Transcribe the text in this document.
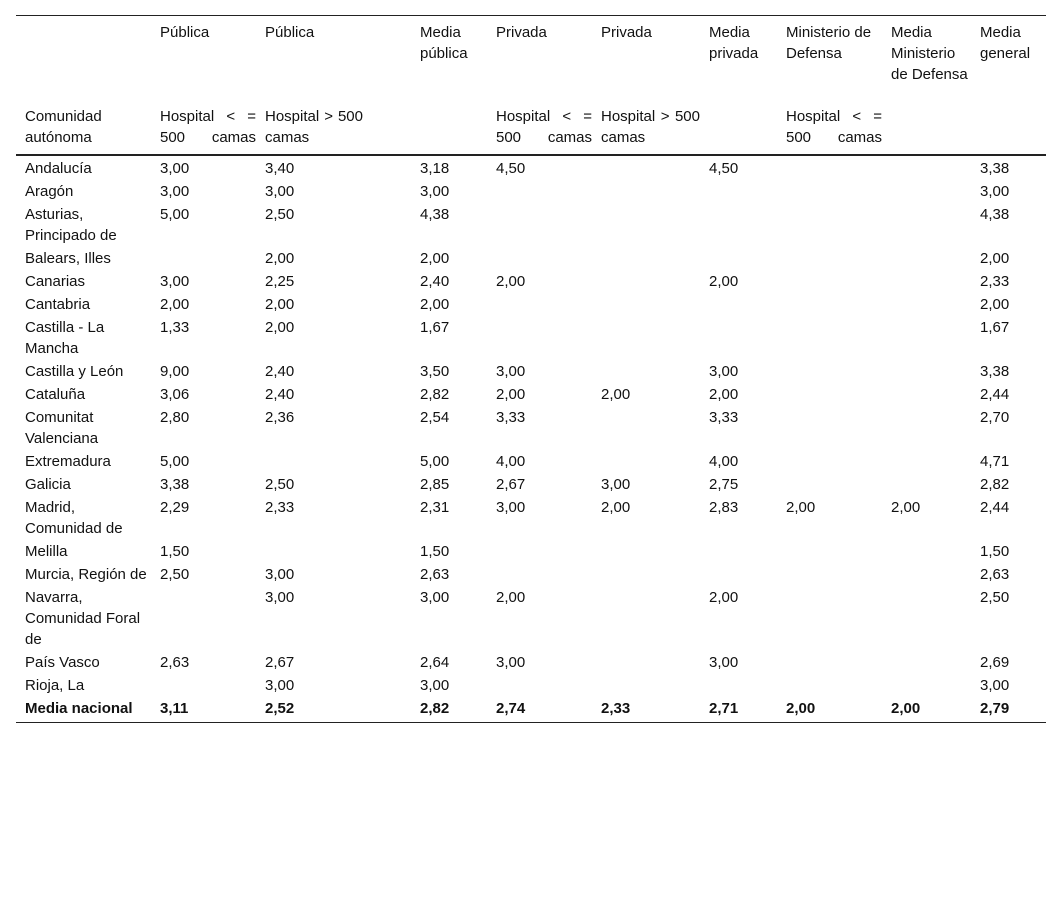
	Pública	Pública	Media pública	Privada	Privada	Media privada	Ministerio de Defensa	Media Ministerio de Defensa	Media general
Comunidad autónoma	Hospital < = 500 camas	Hospital > 500 camas		Hospital < = 500 camas	Hospital > 500 camas		Hospital < = 500 camas		
Andalucía	3,00	3,40	3,18	4,50		4,50			3,38
Aragón	3,00	3,00	3,00						3,00
Asturias, Principado de	5,00	2,50	4,38						4,38
Balears, Illes		2,00	2,00						2,00
Canarias	3,00	2,25	2,40	2,00		2,00			2,33
Cantabria	2,00	2,00	2,00						2,00
Castilla - La Mancha	1,33	2,00	1,67						1,67
Castilla y León	9,00	2,40	3,50	3,00		3,00			3,38
Cataluña	3,06	2,40	2,82	2,00	2,00	2,00			2,44
Comunitat Valenciana	2,80	2,36	2,54	3,33		3,33			2,70
Extremadura	5,00		5,00	4,00		4,00			4,71
Galicia	3,38	2,50	2,85	2,67	3,00	2,75			2,82
Madrid, Comunidad de	2,29	2,33	2,31	3,00	2,00	2,83	2,00	2,00	2,44
Melilla	1,50		1,50						1,50
Murcia, Región de	2,50	3,00	2,63						2,63
Navarra, Comunidad Foral de		3,00	3,00	2,00		2,00			2,50
País Vasco	2,63	2,67	2,64	3,00		3,00			2,69
Rioja, La		3,00	3,00						3,00
Media nacional	3,11	2,52	2,82	2,74	2,33	2,71	2,00	2,00	2,79
